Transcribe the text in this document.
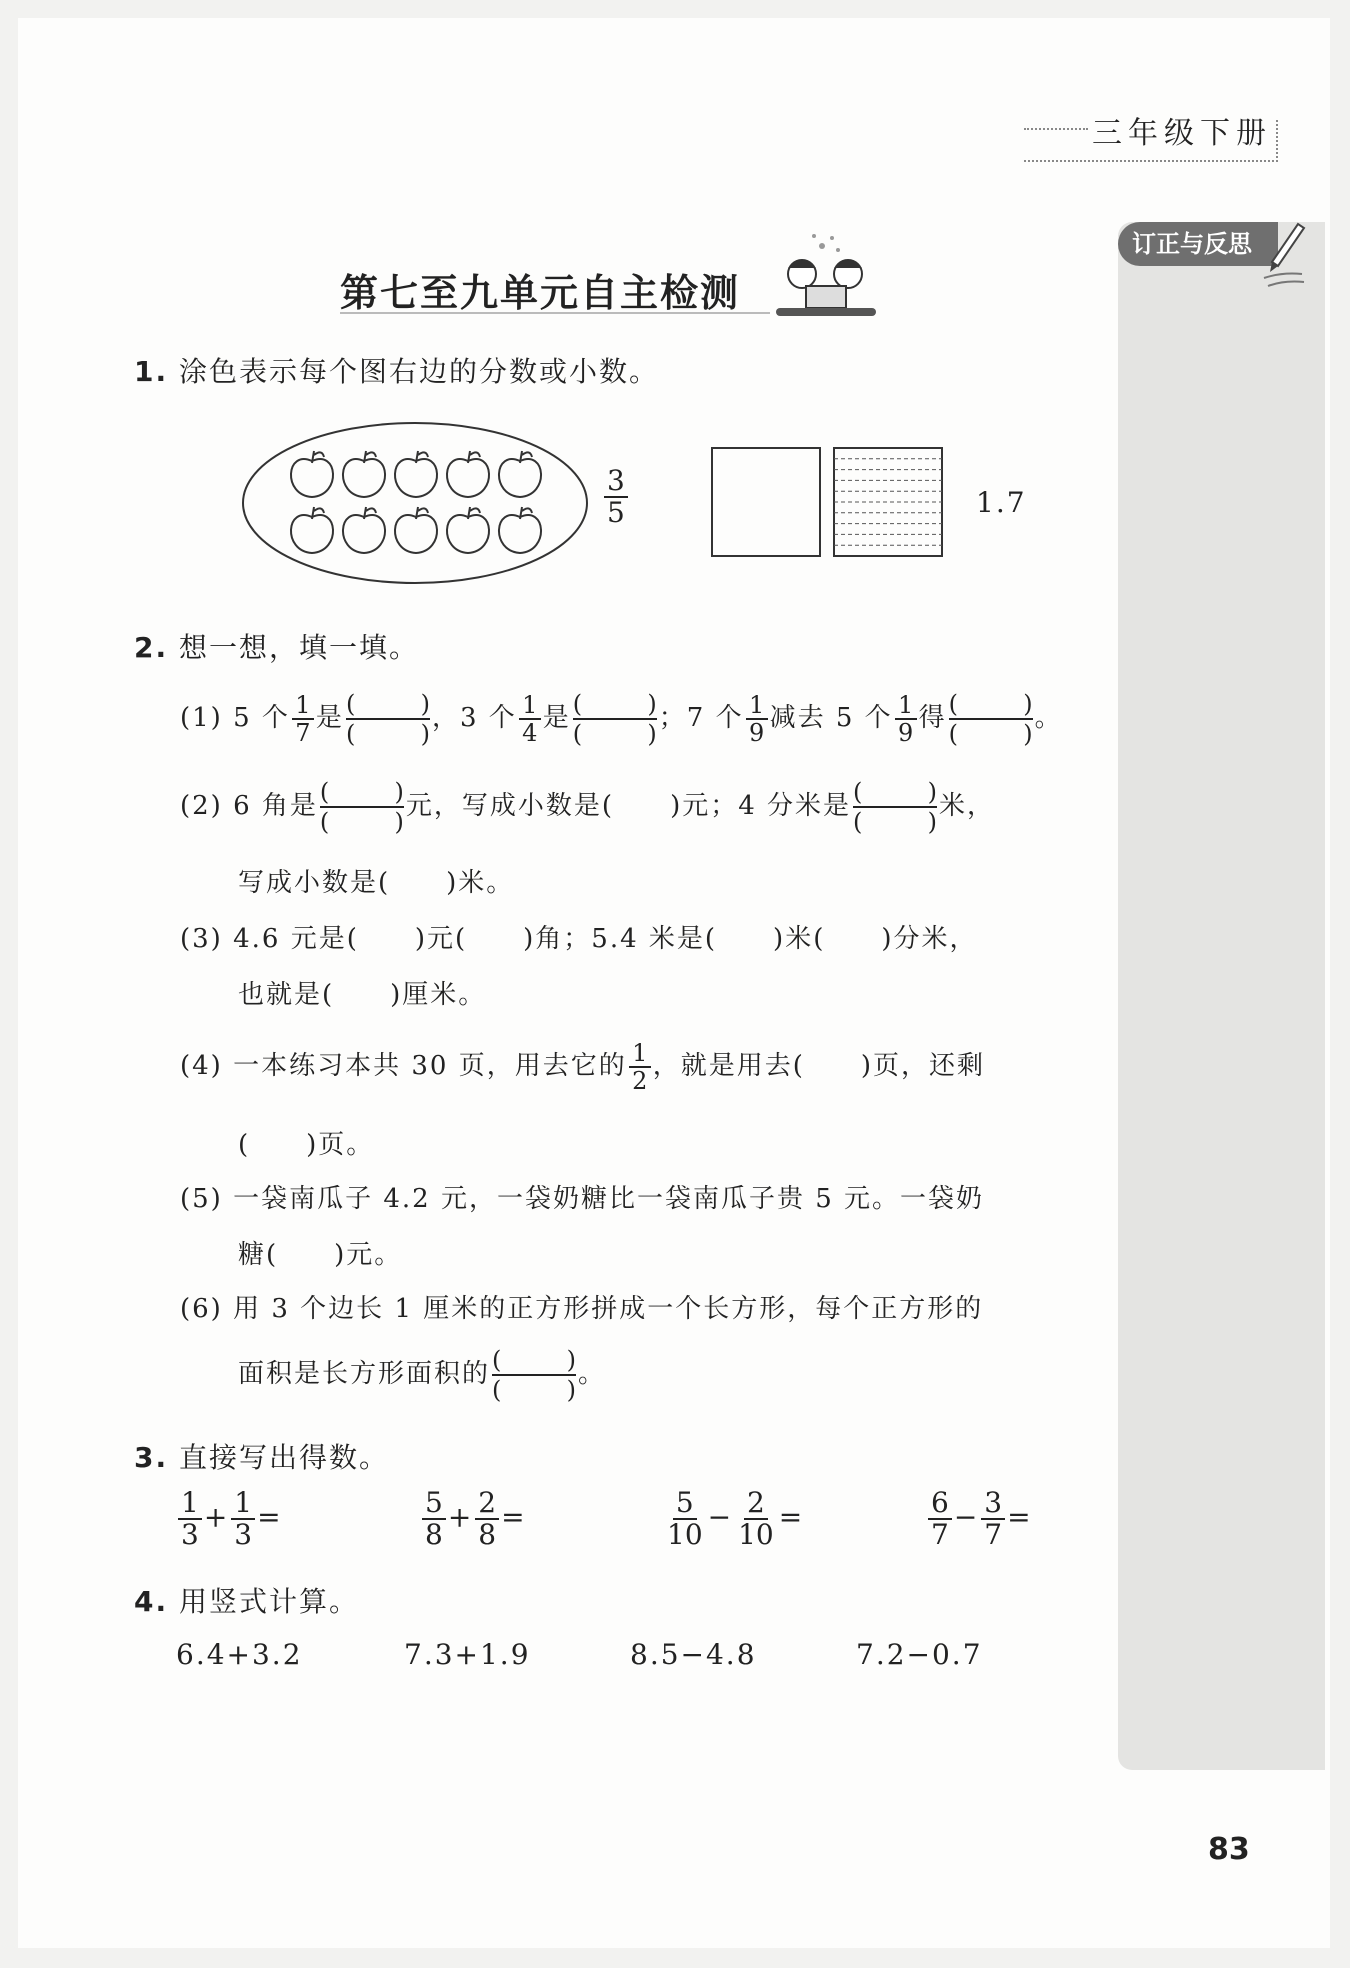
三年级下册
订正与反思
第七至九单元自主检测
1. 涂色表示每个图右边的分数或小数。
$\frac{3}{5}$	1.7
2. 想一想，填一填。
(1) 5 个 $\frac{1}{7}$ 是 (	)
(	)
，3 个 $\frac{1}{4}$ 是 (	)
(	)
；7 个 $\frac{1}{9}$ 减去 5 个 $\frac{1}{9}$ 得 (	)
(	)
。
(2) 6 角是 (	)
(	)
元，写成小数是(　　)元；4 分米是 (	)
(	)
米，
写成小数是(　　)米。
(3) 4.6 元是(　　)元(　　)角；5.4 米是(　　)米(　　)分米，
也就是(　　)厘米。
(4) 一本练习本共 30 页，用去它的 $\frac{1}{2}$ ，就是用去(　　)页，还剩
(　　)页。
(5) 一袋南瓜子 4.2 元，一袋奶糖比一袋南瓜子贵 5 元。一袋奶
糖(　　)元。
(6) 用 3 个边长 1 厘米的正方形拼成一个长方形，每个正方形的
面积是长方形面积的 (	)
(	)
。
3. 直接写出得数。
$\frac{1}{3} + \frac{1}{3}$ =	$\frac{5}{8} + \frac{2}{8}$ =	$\frac{5}{10} - \frac{2}{10}$ =	$\frac{6}{7} - \frac{3}{7}$ =
4. 用竖式计算。
6.4+3.2	7.3+1.9	8.5−4.8	7.2−0.7
83
